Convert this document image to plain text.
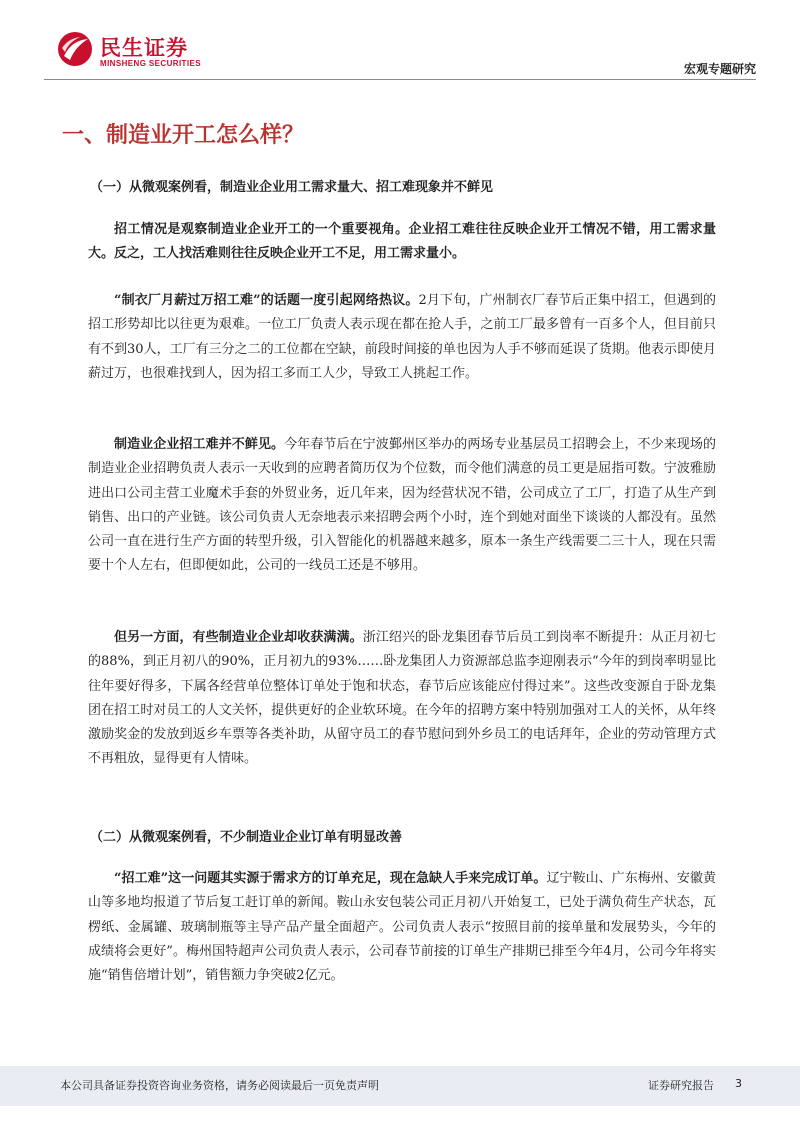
民生证券
MINSHENG SECURITIES	宏观专题研究
一、制造业开工怎么样？
（一）从微观案例看，制造业企业用工需求量大、招工难现象并不鲜见

招工情况是观察制造业企业开工的一个重要视角。企业招工难往往反映企业开工情况不错，用工需求量大。反之，工人找活难则往往反映企业开工不足，用工需求量小。

“制衣厂月薪过万招工难”的话题一度引起网络热议。2月下旬，广州制衣厂春节后正集中招工，但遇到的招工形势却比以往更为艰难。一位工厂负责人表示现在都在抢人手，之前工厂最多曾有一百多个人，但目前只有不到30人，工厂有三分之二的工位都在空缺，前段时间接的单也因为人手不够而延误了货期。他表示即使月薪过万，也很难找到人，因为招工多而工人少，导致工人挑起工作。

制造业企业招工难并不鲜见。今年春节后在宁波鄞州区举办的两场专业基层员工招聘会上，不少来现场的制造业企业招聘负责人表示一天收到的应聘者简历仅为个位数，而令他们满意的员工更是屈指可数。宁波雅励进出口公司主营工业魔术手套的外贸业务，近几年来，因为经营状况不错，公司成立了工厂，打造了从生产到销售、出口的产业链。该公司负责人无奈地表示来招聘会两个小时，连个到她对面坐下谈谈的人都没有。虽然公司一直在进行生产方面的转型升级，引入智能化的机器越来越多，原本一条生产线需要二三十人，现在只需要十个人左右，但即便如此，公司的一线员工还是不够用。

但另一方面，有些制造业企业却收获满满。浙江绍兴的卧龙集团春节后员工到岗率不断提升：从正月初七的88%，到正月初八的90%，正月初九的93%……卧龙集团人力资源部总监李迎刚表示“今年的到岗率明显比往年要好得多，下属各经营单位整体订单处于饱和状态，春节后应该能应付得过来”。这些改变源自于卧龙集团在招工时对员工的人文关怀，提供更好的企业软环境。在今年的招聘方案中特别加强对工人的关怀，从年终激励奖金的发放到返乡车票等各类补助，从留守员工的春节慰问到外乡员工的电话拜年，企业的劳动管理方式不再粗放，显得更有人情味。

（二）从微观案例看，不少制造业企业订单有明显改善

“招工难”这一问题其实源于需求方的订单充足，现在急缺人手来完成订单。辽宁鞍山、广东梅州、安徽黄山等多地均报道了节后复工赶订单的新闻。鞍山永安包装公司正月初八开始复工，已处于满负荷生产状态，瓦楞纸、金属罐、玻璃制瓶等主导产品产量全面超产。公司负责人表示“按照目前的接单量和发展势头，今年的成绩将会更好”。梅州国特超声公司负责人表示，公司春节前接的订单生产排期已排至今年4月，公司今年将实施“销售倍增计划”，销售额力争突破2亿元。

本公司具备证券投资咨询业务资格，请务必阅读最后一页免责声明	证券研究报告 3
